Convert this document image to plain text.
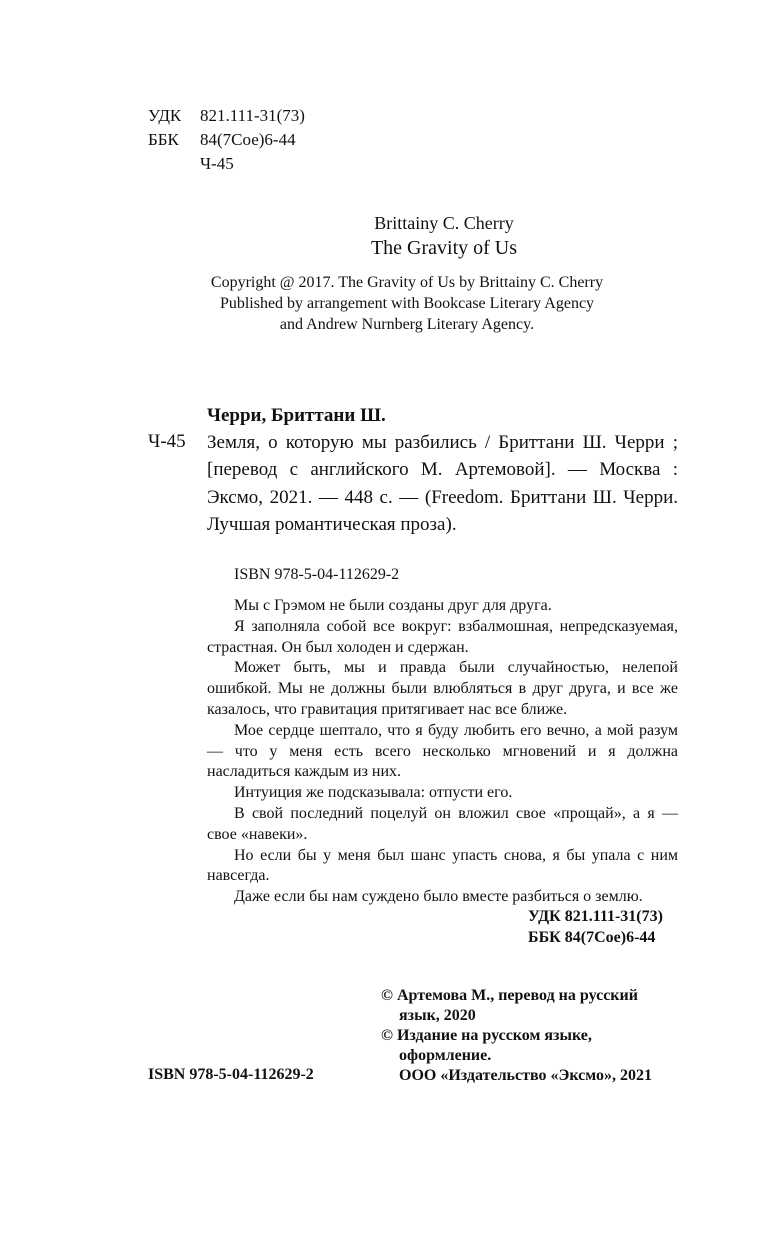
УДК 821.111-31(73)
ББК 84(7Сое)6-44
Ч-45
Brittainy C. Cherry
The Gravity of Us
Copyright @ 2017. The Gravity of Us by Brittainy C. Cherry
Published by arrangement with Bookcase Literary Agency
and Andrew Nurnberg Literary Agency.
Черри, Бриттани Ш.
Ч-45 Земля, о которую мы разбились / Бриттани Ш. Черри ; [перевод с английского М. Артемовой]. — Москва : Эксмо, 2021. — 448 с. — (Freedom. Бриттани Ш. Черри. Лучшая романтическая проза).
ISBN 978-5-04-112629-2

Мы с Грэмом не были созданы друг для друга.

Я заполняла собой все вокруг: взбалмошная, непредсказуемая, страстная. Он был холоден и сдержан.

Может быть, мы и правда были случайностью, нелепой ошибкой. Мы не должны были влюбляться в друг друга, и все же казалось, что гравитация притягивает нас все ближе.

Мое сердце шептало, что я буду любить его вечно, а мой разум — что у меня есть всего несколько мгновений и я должна насладиться каждым из них.

Интуиция же подсказывала: отпусти его.

В свой последний поцелуй он вложил свое «прощай», а я — свое «навеки».

Но если бы у меня был шанс упасть снова, я бы упала с ним навсегда.

Даже если бы нам суждено было вместе разбиться о землю.

УДК 821.111-31(73)
ББК 84(7Сое)6-44
© Артемова М., перевод на русский язык, 2020
© Издание на русском языке, оформление.
ООО «Издательство «Эксмо», 2021
ISBN 978-5-04-112629-2
